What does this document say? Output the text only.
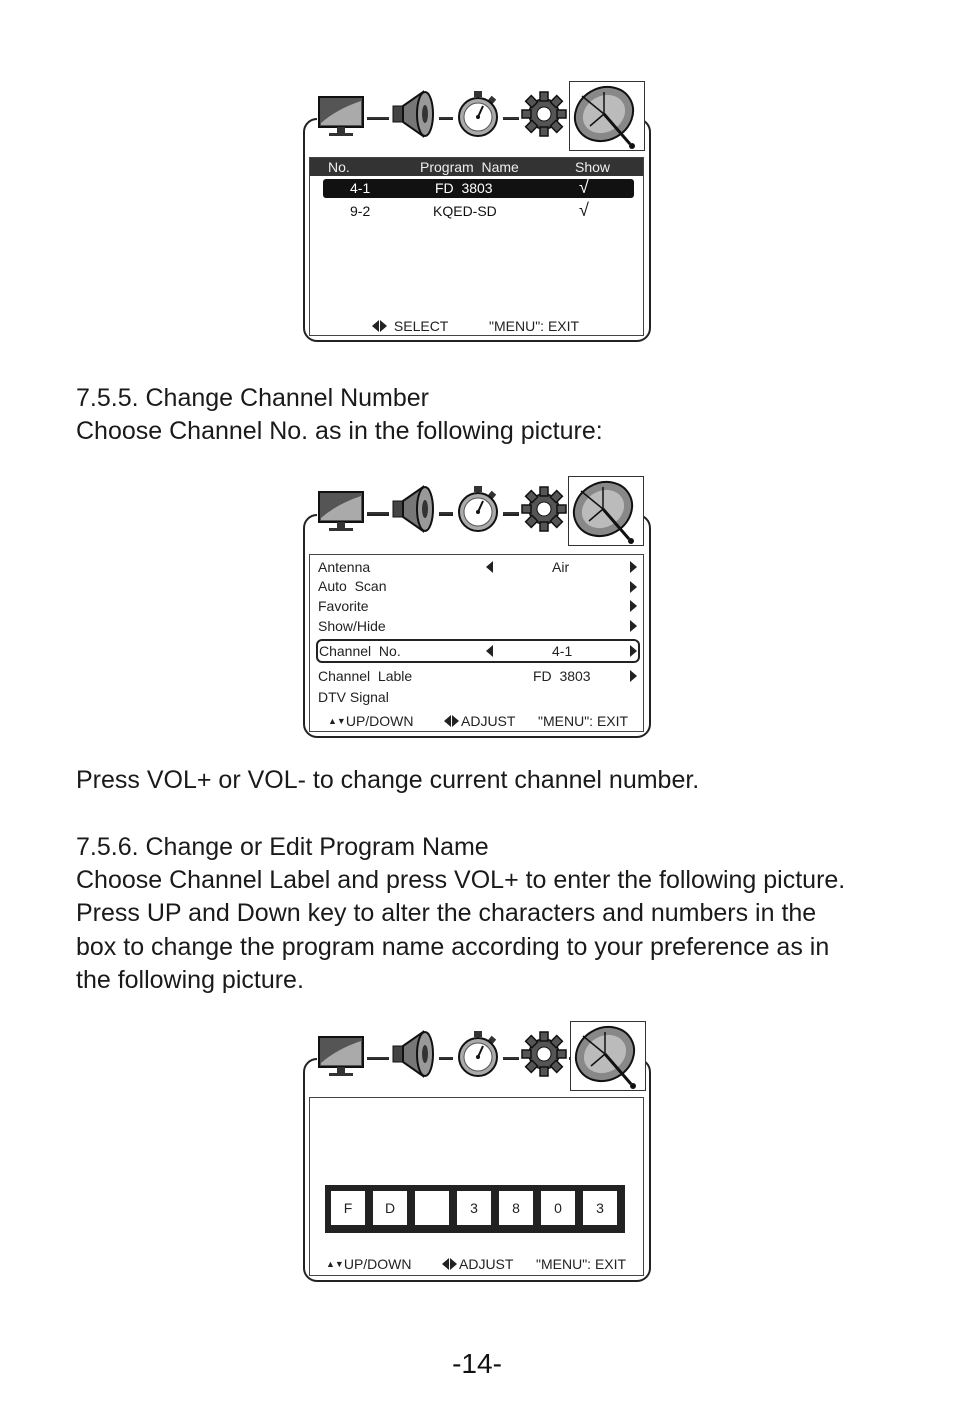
No.	Program  Name	Show
4-1	FD  3803	√
9-2	KQED-SD	√
SELECT	"MENU": EXIT
7.5.5. Change Channel Number
Choose Channel No. as in the following picture:
Antenna	Air
Auto  Scan
Favorite
Show/Hide
Channel  No.	4-1
Channel  Lable	FD  3803
DTV Signal
▲▼UP/DOWN	ADJUST "MENU": EXIT
Press VOL+ or VOL- to change current channel number.
7.5.6. Change or Edit Program Name
Choose Channel Label and press VOL+ to enter the following picture.
Press UP and Down key to alter the characters and numbers in the
box to change the program name according to your preference as in
the following picture.
F	D	3	8	0	3
▲▼UP/DOWN	ADJUST "MENU": EXIT
-14-
